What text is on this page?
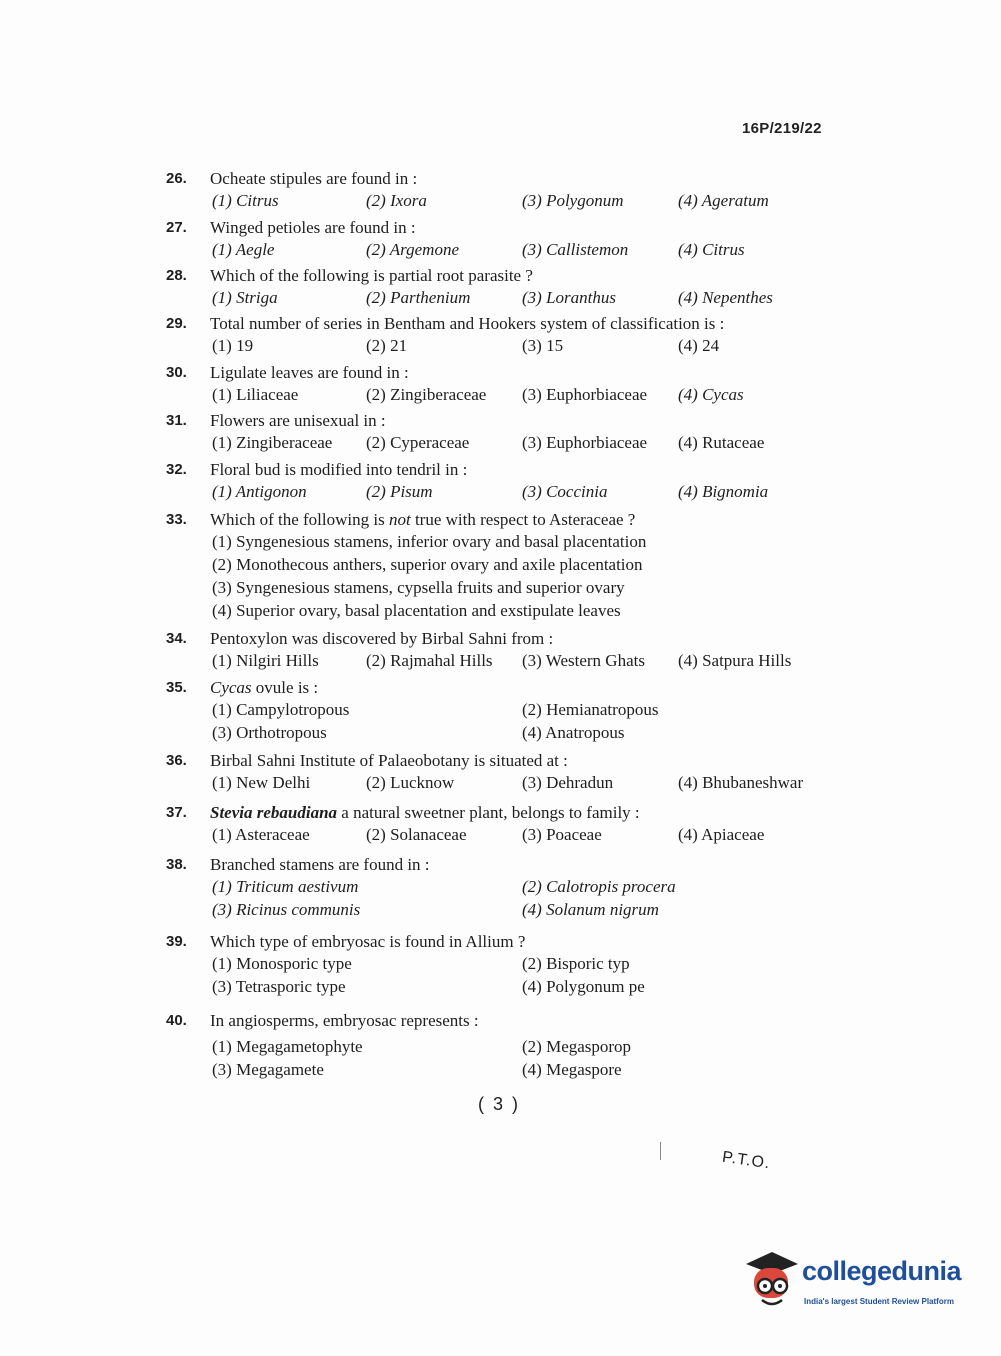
16P/219/22
26.	Ocheate stipules are found in :
(1) Citrus	(2) Ixora	(3) Polygonum	(4) Ageratum
27.	Winged petioles are found in :
(1) Aegle	(2) Argemone	(3) Callistemon	(4) Citrus
28.	Which of the following is partial root parasite ?
(1) Striga	(2) Parthenium	(3) Loranthus	(4) Nepenthes
29.	Total number of series in Bentham and Hookers system of classification is :
(1) 19	(2) 21	(3) 15	(4) 24
30.	Ligulate leaves are found in :
(1) Liliaceae	(2) Zingiberaceae (3) Euphorbiaceae (4) Cycas
31.	Flowers are unisexual in :
(1) Zingiberaceae (2) Cyperaceae	(3) Euphorbiaceae (4) Rutaceae
32.	Floral bud is modified into tendril in :
(1) Antigonon	(2) Pisum	(3) Coccinia	(4) Bignomia
33.	Which of the following is not true with respect to Asteraceae ?
(1) Syngenesious stamens, inferior ovary and basal placentation
(2) Monothecous anthers, superior ovary and axile placentation
(3) Syngenesious stamens, cypsella fruits and superior ovary
(4) Superior ovary, basal placentation and exstipulate leaves
34.	Pentoxylon was discovered by Birbal Sahni from :
(1) Nilgiri Hills	(2) Rajmahal Hills (3) Western Ghats (4) Satpura Hills
35.	Cycas ovule is :
(1) Campylotropous	(2) Hemianatropous
(3) Orthotropous	(4) Anatropous
36.	Birbal Sahni Institute of Palaeobotany is situated at :
(1) New Delhi	(2) Lucknow	(3) Dehradun	(4) Bhubaneshwar
37.	Stevia rebaudiana a natural sweetner plant, belongs to family :
(1) Asteraceae	(2) Solanaceae	(3) Poaceae	(4) Apiaceae
38.	Branched stamens are found in :
(1) Triticum aestivum	(2) Calotropis procera
(3) Ricinus communis	(4) Solanum nigrum
39.	Which type of embryosac is found in Allium ?
(1) Monosporic type	(2) Bisporic typ
(3) Tetrasporic type	(4) Polygonum pe
40.	In angiosperms, embryosac represents :
(1) Megagametophyte	(2) Megasporop
(3) Megagamete	(4) Megaspore
( 3 )
P.T.O.
collegedunia
India's largest Student Review Platform
